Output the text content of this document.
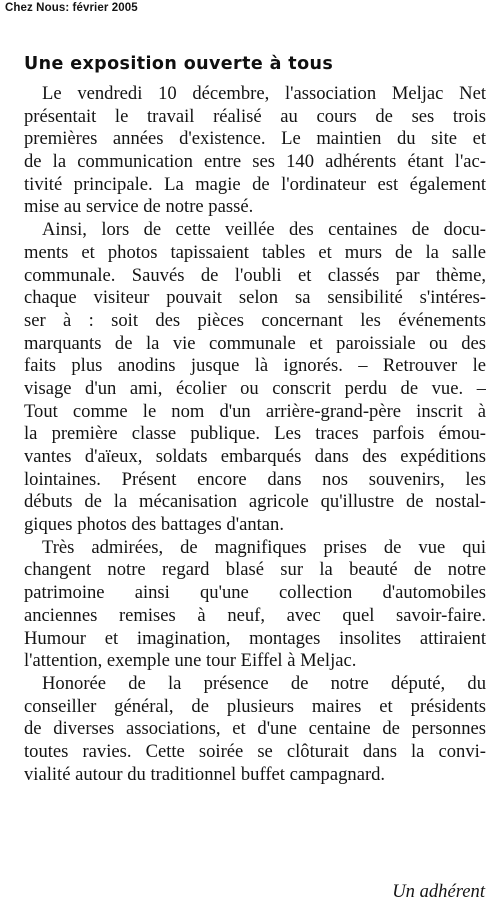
Chez Nous: février 2005
Une exposition ouverte à tous
Le vendredi 10 décembre, l'association Meljac Net
présentait le travail réalisé au cours de ses trois
premières années d'existence. Le maintien du site et
de la communication entre ses 140 adhérents étant l'ac-
tivité principale. La magie de l'ordinateur est également
mise au service de notre passé.
Ainsi, lors de cette veillée des centaines de docu-
ments et photos tapissaient tables et murs de la salle
communale. Sauvés de l'oubli et classés par thème,
chaque visiteur pouvait selon sa sensibilité s'intéres-
ser à : soit des pièces concernant les événements
marquants de la vie communale et paroissiale ou des
faits plus anodins jusque là ignorés. – Retrouver le
visage d'un ami, écolier ou conscrit perdu de vue. –
Tout comme le nom d'un arrière-grand-père inscrit à
la première classe publique. Les traces parfois émou-
vantes d'aïeux, soldats embarqués dans des expéditions
lointaines. Présent encore dans nos souvenirs, les
débuts de la mécanisation agricole qu'illustre de nostal-
giques photos des battages d'antan.
Très admirées, de magnifiques prises de vue qui
changent notre regard blasé sur la beauté de notre
patrimoine ainsi qu'une collection d'automobiles
anciennes remises à neuf, avec quel savoir-faire.
Humour et imagination, montages insolites attiraient
l'attention, exemple une tour Eiffel à Meljac.
Honorée de la présence de notre député, du
conseiller général, de plusieurs maires et présidents
de diverses associations, et d'une centaine de personnes
toutes ravies. Cette soirée se clôturait dans la convi-
vialité autour du traditionnel buffet campagnard.
Un adhérent
